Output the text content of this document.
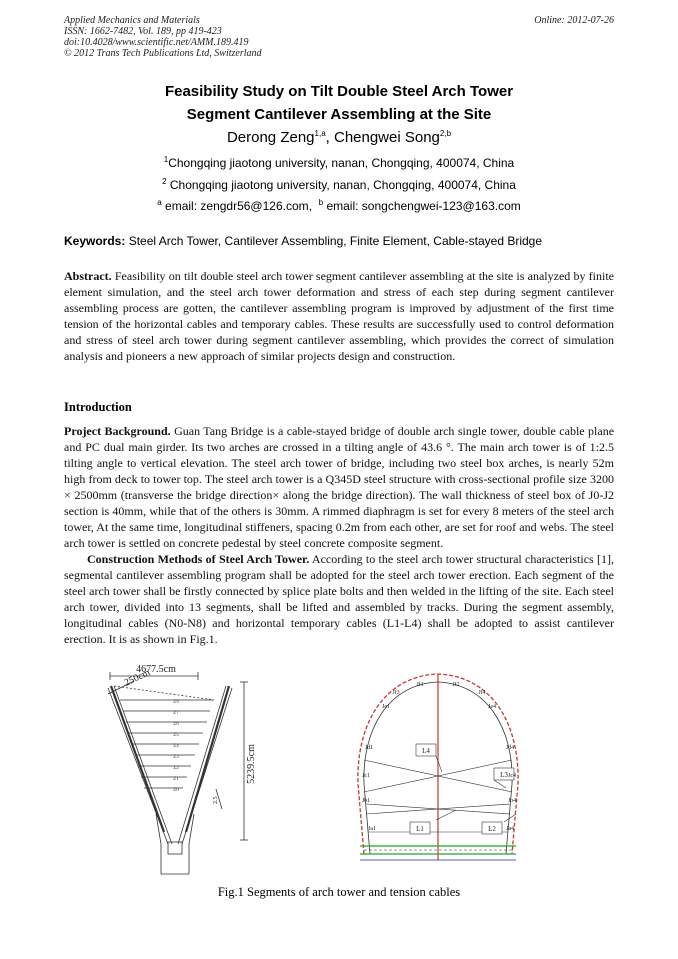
Applied Mechanics and Materials
ISSN: 1662-7482, Vol. 189, pp 419-423
doi:10.4028/www.scientific.net/AMM.189.419
© 2012 Trans Tech Publications Ltd, Switzerland
Online: 2012-07-26
Feasibility Study on Tilt Double Steel Arch Tower
Segment Cantilever Assembling at the Site
Derong Zeng$^{1,a}$, Chengwei Song$^{2,b}$
$^1$Chongqing jiaotong university, nanan, Chongqing, 400074, China
$^2$ Chongqing jiaotong university, nanan, Chongqing, 400074, China
$^a$ email: zengdr56@126.com, $^b$ email: songchengwei-123@163.com
Keywords: Steel Arch Tower, Cantilever Assembling, Finite Element, Cable-stayed Bridge

Abstract. Feasibility on tilt double steel arch tower segment cantilever assembling at the site is analyzed by finite element simulation, and the steel arch tower deformation and stress of each step during segment cantilever assembling process are gotten, the cantilever assembling program is improved by adjustment of the first time tension of the horizontal cables and temporary cables. These results are successfully used to control deformation and stress of steel arch tower during segment cantilever assembling, which provides the correct of simulation analysis and pioneers a new approach of similar projects design and construction.

Introduction

Project Background. Guan Tang Bridge is a cable-stayed bridge of double arch single tower, double cable plane and PC dual main girder. Its two arches are crossed in a tilting angle of 43.6 °. The main arch tower is of 1:2.5 tilting angle to vertical elevation. The steel arch tower of bridge, including two steel box arches, is nearly 52m high from deck to tower top. The steel arch tower is a Q345D steel structure with cross-sectional profile size 3200 × 2500mm (transverse the bridge direction× along the bridge direction). The wall thickness of steel box of J0-J2 section is 40mm, while that of the others is 30mm. A rimmed diaphragm is set for every 8 meters of the steel arch tower, At the same time, longitudinal stiffeners, spacing 0.2m from each other, are set for roof and webs. The steel arch tower is settled on concrete pedestal by steel concrete composite segment.

Construction Methods of Steel Arch Tower. According to the steel arch tower structural characteristics [1], segmental cantilever assembling program shall be adopted for the steel arch tower erection. Each segment of the steel arch tower shall be firstly connected by splice plate bolts and then welded in the lifting of the site. Each steel arch tower, divided into 13 segments, shall be lifted and assembled by tracks. During the segment assembly, longitudinal cables (N0-N8) and horizontal temporary cables (L1-L4) shall be adopted to assist cantilever erection. It is as shown in Fig.1.

4677.5cm
250cm
5239.5cm
2.5
Z9
Z7
Z6
Z5
Z4
Z3
Z2
Z1
Z0
L4
L3
L1	L2
Je1
Jd1
Jc1
Jb1
Ja1
Je4
Jd4
Jc4
Jb4
Ja4
Jf1	Jf2
Jf3	Jf4
Fig.1 Segments of arch tower and tension cables
